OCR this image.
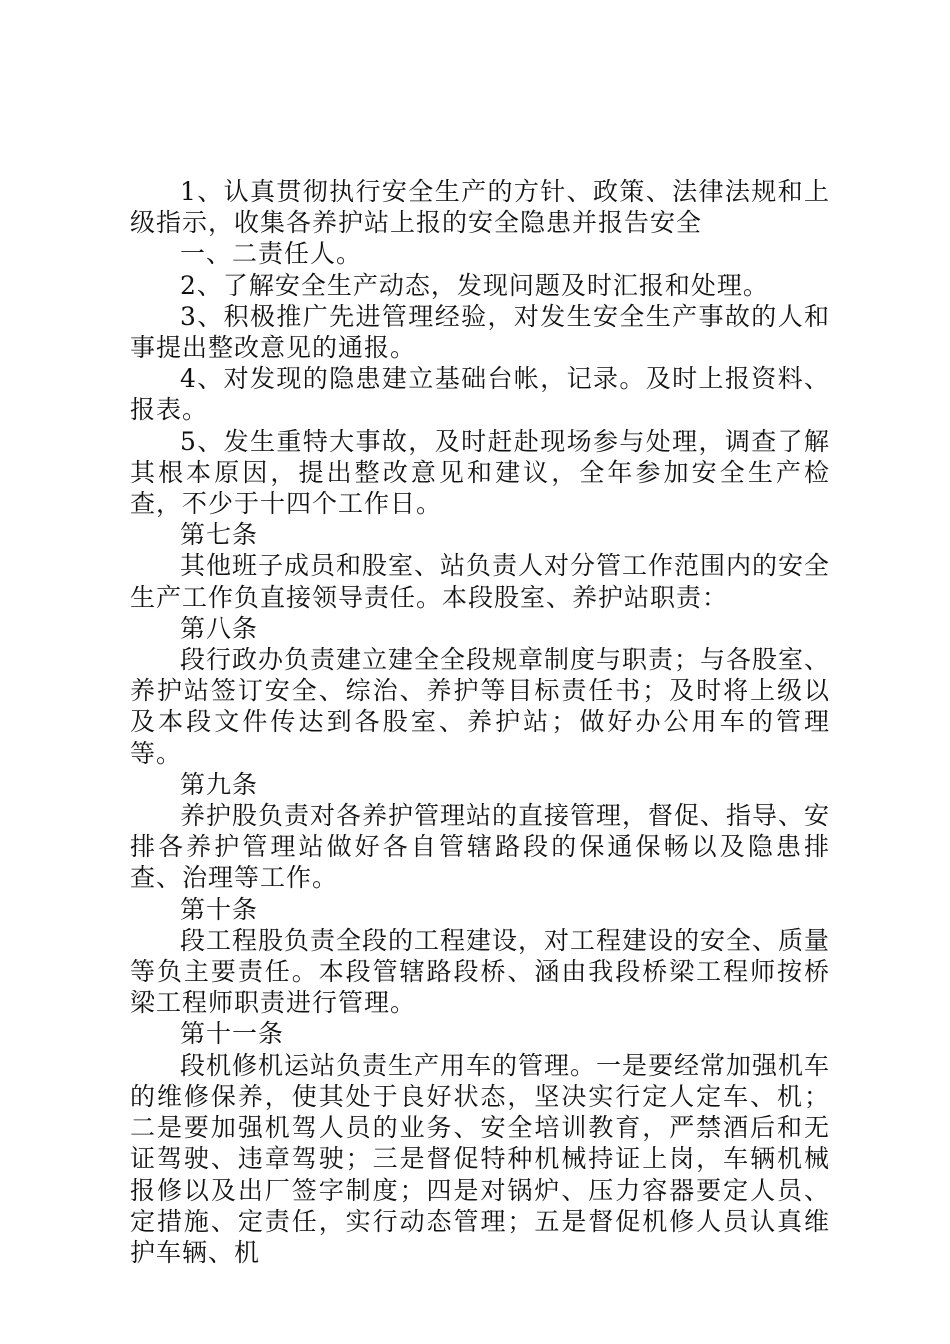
1、认真贯彻执行安全生产的方针、政策、法律法规和上级指示，收集各养护站上报的安全隐患并报告安全

一、二责任人。

2、了解安全生产动态，发现问题及时汇报和处理。

3、积极推广先进管理经验，对发生安全生产事故的人和事提出整改意见的通报。

4、对发现的隐患建立基础台帐，记录。及时上报资料、报表。

5、发生重特大事故，及时赶赴现场参与处理，调查了解其根本原因，提出整改意见和建议，全年参加安全生产检查，不少于十四个工作日。

第七条

其他班子成员和股室、站负责人对分管工作范围内的安全生产工作负直接领导责任。本段股室、养护站职责：

第八条

段行政办负责建立建全全段规章制度与职责；与各股室、养护站签订安全、综治、养护等目标责任书；及时将上级以及本段文件传达到各股室、养护站；做好办公用车的管理等。

第九条

养护股负责对各养护管理站的直接管理，督促、指导、安排各养护管理站做好各自管辖路段的保通保畅以及隐患排查、治理等工作。

第十条

段工程股负责全段的工程建设，对工程建设的安全、质量等负主要责任。本段管辖路段桥、涵由我段桥梁工程师按桥梁工程师职责进行管理。

第十一条

段机修机运站负责生产用车的管理。一是要经常加强机车的维修保养，使其处于良好状态，坚决实行定人定车、机；二是要加强机驾人员的业务、安全培训教育，严禁酒后和无证驾驶、违章驾驶；三是督促特种机械持证上岗，车辆机械报修以及出厂签字制度；四是对锅炉、压力容器要定人员、定措施、定责任，实行动态管理；五是督促机修人员认真维护车辆、机
